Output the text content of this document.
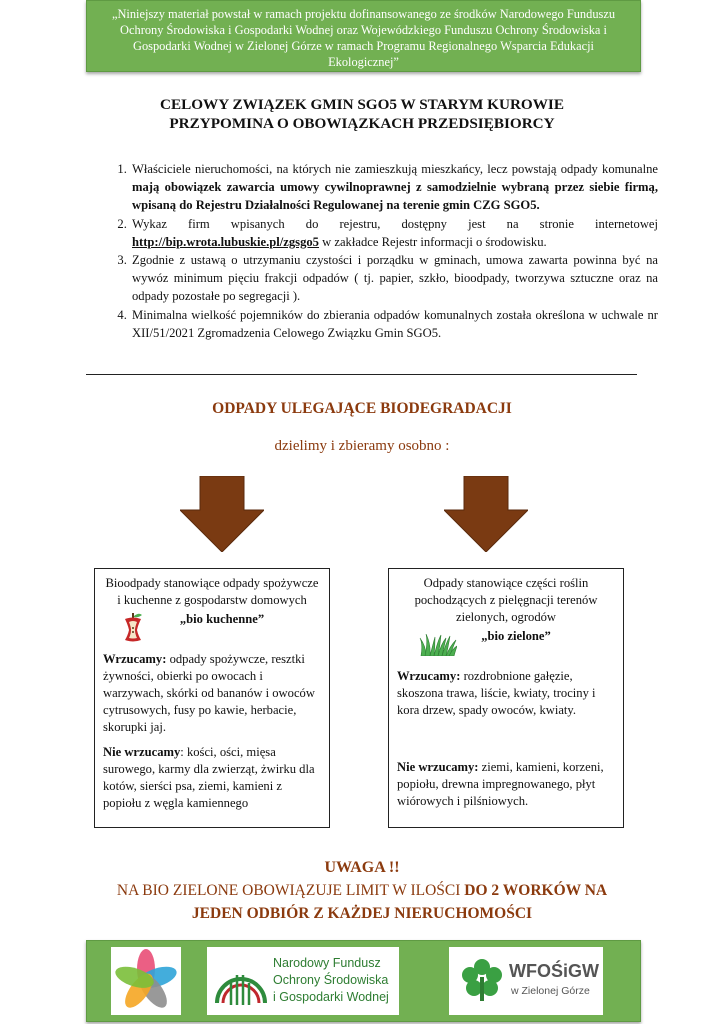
„Niniejszy materiał powstał w ramach projektu dofinansowanego ze środków Narodowego Funduszu Ochrony Środowiska i Gospodarki Wodnej oraz Wojewódzkiego Funduszu Ochrony Środowiska i Gospodarki Wodnej w Zielonej Górze w ramach Programu Regionalnego Wsparcia Edukacji Ekologicznej”

CELOWY ZWIĄZEK GMIN SGO5 W STARYM KUROWIE
PRZYPOMINA O OBOWIĄZKACH PRZEDSIĘBIORCY
1. Właściciele nieruchomości, na których nie zamieszkują mieszkańcy, lecz powstają odpady komunalne mają obowiązek zawarcia umowy cywilnoprawnej z samodzielnie wybraną przez siebie firmą, wpisaną do Rejestru Działalności Regulowanej na terenie gmin CZG SGO5.
2. Wykaz firm wpisanych do rejestru, dostępny jest na stronie internetowej http://bip.wrota.lubuskie.pl/zgsgo5 w zakładce Rejestr informacji o środowisku.
3. Zgodnie z ustawą o utrzymaniu czystości i porządku w gminach, umowa zawarta powinna być na wywóz minimum pięciu frakcji odpadów ( tj. papier, szkło, bioodpady, tworzywa sztuczne oraz na odpady pozostałe po segregacji ).
4. Minimalna wielkość pojemników do zbierania odpadów komunalnych została określona w uchwale nr XII/51/2021 Zgromadzenia Celowego Związku Gmin SGO5.
ODPADY ULEGAJĄCE BIODEGRADACJI
dzielimy i zbieramy osobno :
Bioodpady stanowiące odpady spożywcze i kuchenne z gospodarstw domowych
„bio kuchenne”

Wrzucamy: odpady spożywcze, resztki żywności, obierki po owocach i warzywach, skórki od bananów i owoców cytrusowych, fusy po kawie, herbacie, skorupki jaj.

Nie wrzucamy: kości, ości, mięsa surowego, karmy dla zwierząt, żwirku dla kotów, sierści psa, ziemi, kamieni z popiołu z węgla kamiennego

Odpady stanowiące części roślin pochodzących z pielęgnacji terenów zielonych, ogrodów
„bio zielone”

Wrzucamy: rozdrobnione gałęzie, skoszona trawa, liście, kwiaty, trociny i kora drzew, spady owoców, kwiaty.

Nie wrzucamy: ziemi, kamieni, korzeni, popiołu, drewna impregnowanego, płyt wiórowych i pilśniowych.

UWAGA !!
NA BIO ZIELONE OBOWIĄZUJE LIMIT W ILOŚCI DO 2 WORKÓW NA
JEDEN ODBIÓR Z KAŻDEJ NIERUCHOMOŚCI
Narodowy Fundusz
Ochrony Środowiska
i Gospodarki Wodnej
WFOŚiGW
w Zielonej Górze
